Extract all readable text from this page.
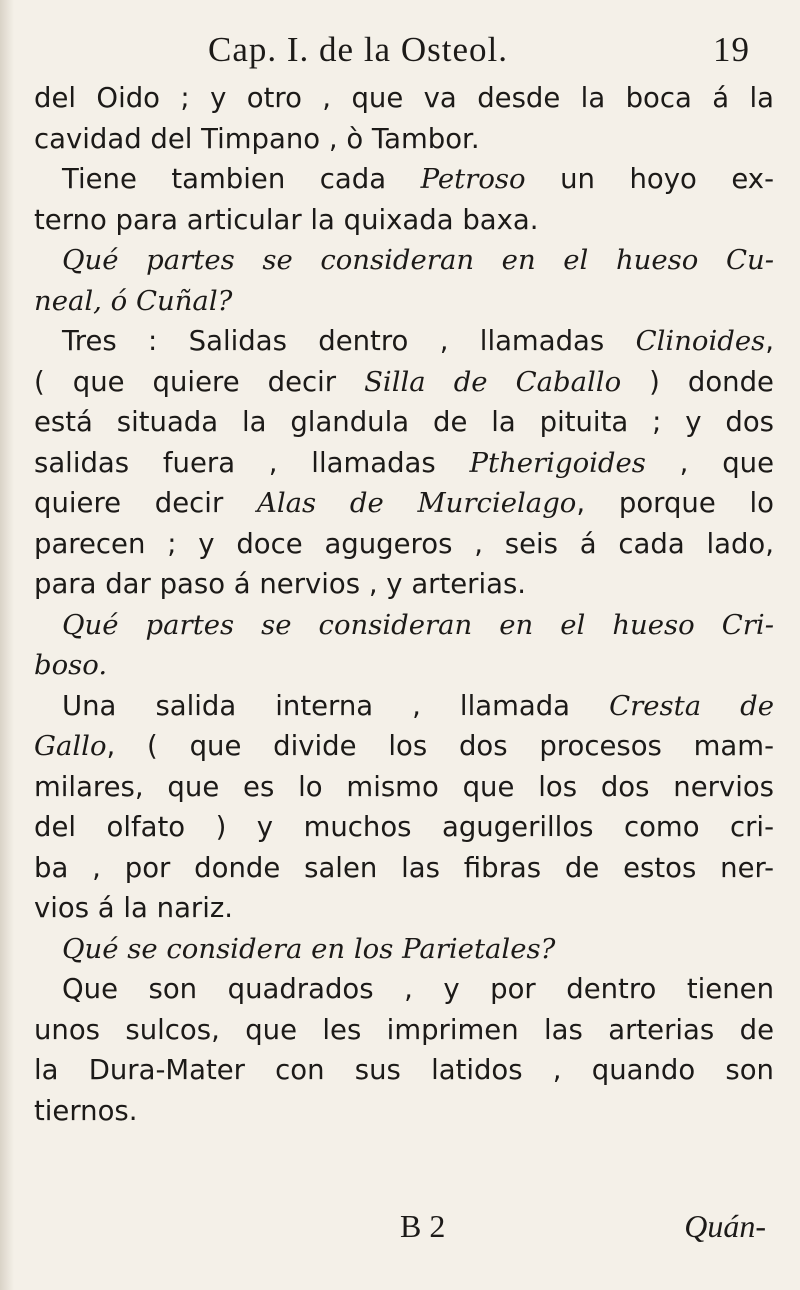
Cap. I. de la Osteol.	19
del Oido ; y otro , que va desde la boca á la
cavidad del Timpano , ò Tambor.
Tiene tambien cada Petroso un hoyo ex-
terno para articular la quixada baxa.
Qué partes se consideran en el hueso Cu-
neal, ó Cuñal?
Tres : Salidas dentro , llamadas Clinoides,
( que quiere decir Silla de Caballo ) donde
está situada la glandula de la pituita ; y dos
salidas fuera , llamadas Ptherigoides , que
quiere decir Alas de Murcielago, porque lo
parecen ; y doce agugeros , seis á cada lado,
para dar paso á nervios , y arterias.
Qué partes se consideran en el hueso Cri-
boso.
Una salida interna , llamada Cresta de
Gallo, ( que divide los dos procesos mam-
milares, que es lo mismo que los dos nervios
del olfato ) y muchos agugerillos como cri-
ba , por donde salen las fibras de estos ner-
vios á la nariz.
Qué se considera en los Parietales?
Que son quadrados , y por dentro tienen
unos sulcos, que les imprimen las arterias de
la Dura-Mater con sus latidos , quando son
tiernos.
B 2	Quán-
